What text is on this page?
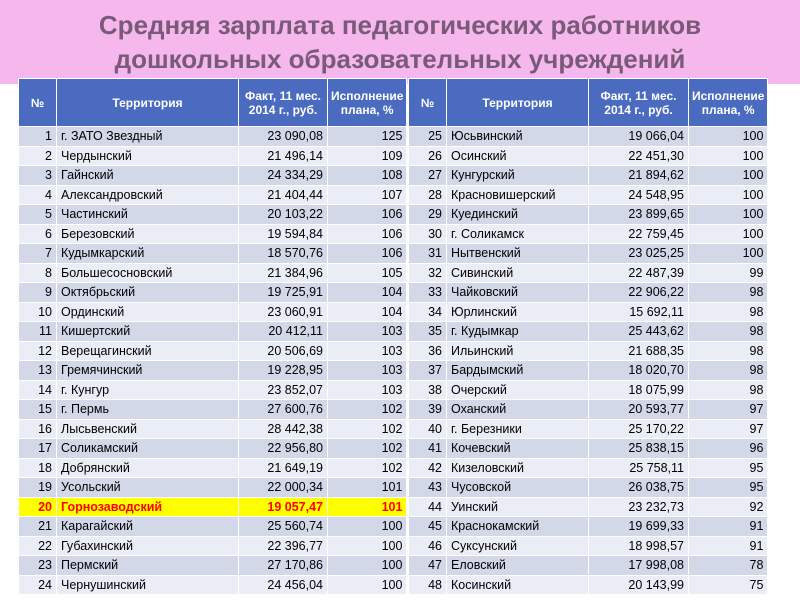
Средняя зарплата педагогических работников
дошкольных образовательных учреждений
№	Территория	Факт, 11 мес. 2014 г., руб.	Исполнение плана, %
1	г. ЗАТО Звездный	23 090,08	125
2	Чердынский	21 496,14	109
3	Гайнский	24 334,29	108
4	Александровский	21 404,44	107
5	Частинский	20 103,22	106
6	Березовский	19 594,84	106
7	Кудымкарский	18 570,76	106
8	Большесосновский	21 384,96	105
9	Октябрьский	19 725,91	104
10	Ординский	23 060,91	104
11	Кишертский	20 412,11	103
12	Верещагинский	20 506,69	103
13	Гремячинский	19 228,95	103
14	г. Кунгур	23 852,07	103
15	г. Пермь	27 600,76	102
16	Лысьвенский	28 442,38	102
17	Соликамский	22 956,80	102
18	Добрянский	21 649,19	102
19	Усольский	22 000,34	101
20	Горнозаводский	19 057,47	101
21	Карагайский	25 560,74	100
22	Губахинский	22 396,77	100
23	Пермский	27 170,86	100
24	Чернушинский	24 456,04	100
№	Территория	Факт, 11 мес. 2014 г., руб.	Исполнение плана, %
25	Юсьвинский	19 066,04	100
26	Осинский	22 451,30	100
27	Кунгурский	21 894,62	100
28	Красновишерский	24 548,95	100
29	Куединский	23 899,65	100
30	г. Соликамск	22 759,45	100
31	Нытвенский	23 025,25	100
32	Сивинский	22 487,39	99
33	Чайковский	22 906,22	98
34	Юрлинский	15 692,11	98
35	г. Кудымкар	25 443,62	98
36	Ильинский	21 688,35	98
37	Бардымский	18 020,70	98
38	Очерский	18 075,99	98
39	Оханский	20 593,77	97
40	г. Березники	25 170,22	97
41	Кочевский	25 838,15	96
42	Кизеловский	25 758,11	95
43	Чусовской	26 038,75	95
44	Уинский	23 232,73	92
45	Краснокамский	19 699,33	91
46	Суксунский	18 998,57	91
47	Еловский	17 998,08	78
48	Косинский	20 143,99	75
